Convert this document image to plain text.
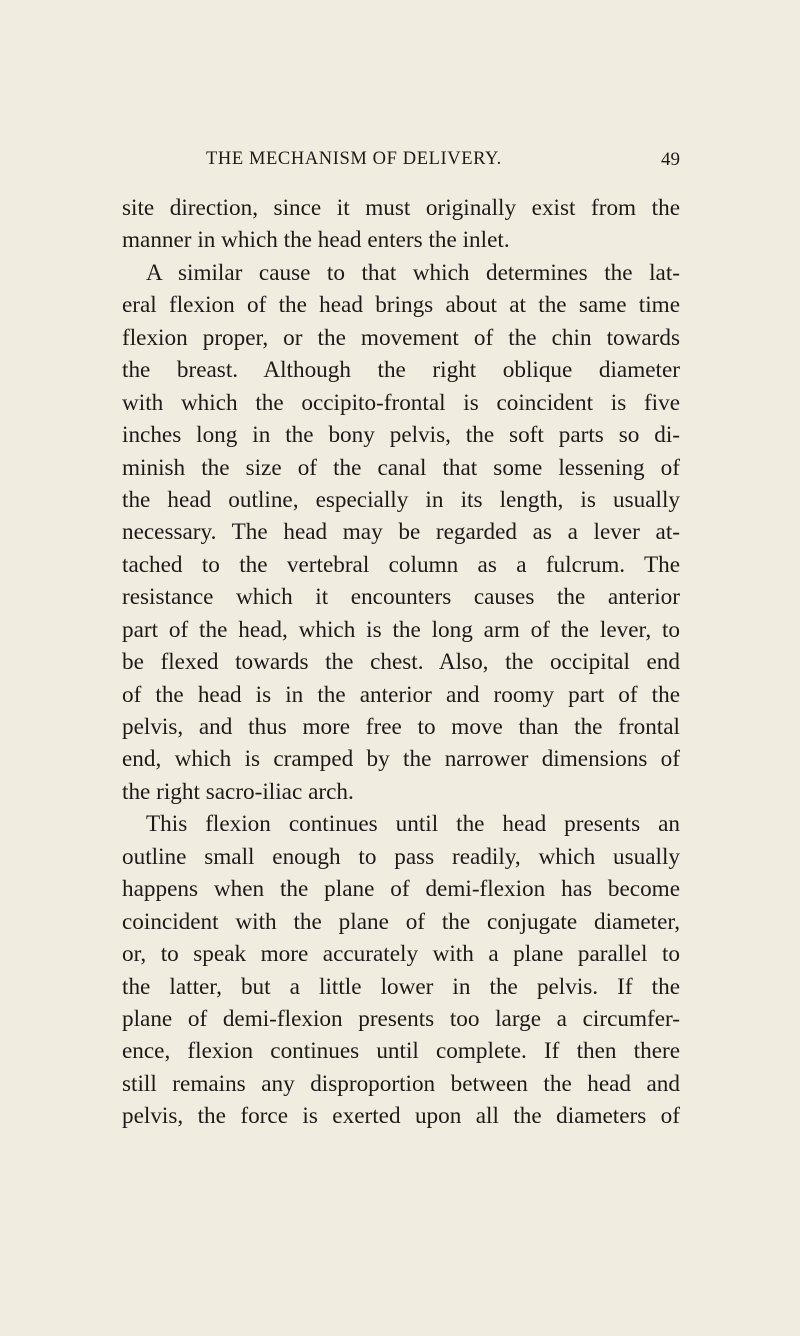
THE MECHANISM OF DELIVERY.	49
site direction, since it must originally exist from the
manner in which the head enters the inlet.
A similar cause to that which determines the lat-
eral flexion of the head brings about at the same time
flexion proper, or the movement of the chin towards
the breast. Although the right oblique diameter
with which the occipito-frontal is coincident is five
inches long in the bony pelvis, the soft parts so di-
minish the size of the canal that some lessening of
the head outline, especially in its length, is usually
necessary. The head may be regarded as a lever at-
tached to the vertebral column as a fulcrum. The
resistance which it encounters causes the anterior
part of the head, which is the long arm of the lever, to
be flexed towards the chest. Also, the occipital end
of the head is in the anterior and roomy part of the
pelvis, and thus more free to move than the frontal
end, which is cramped by the narrower dimensions of
the right sacro-iliac arch.
This flexion continues until the head presents an
outline small enough to pass readily, which usually
happens when the plane of demi-flexion has become
coincident with the plane of the conjugate diameter,
or, to speak more accurately with a plane parallel to
the latter, but a little lower in the pelvis. If the
plane of demi-flexion presents too large a circumfer-
ence, flexion continues until complete. If then there
still remains any disproportion between the head and
pelvis, the force is exerted upon all the diameters of
